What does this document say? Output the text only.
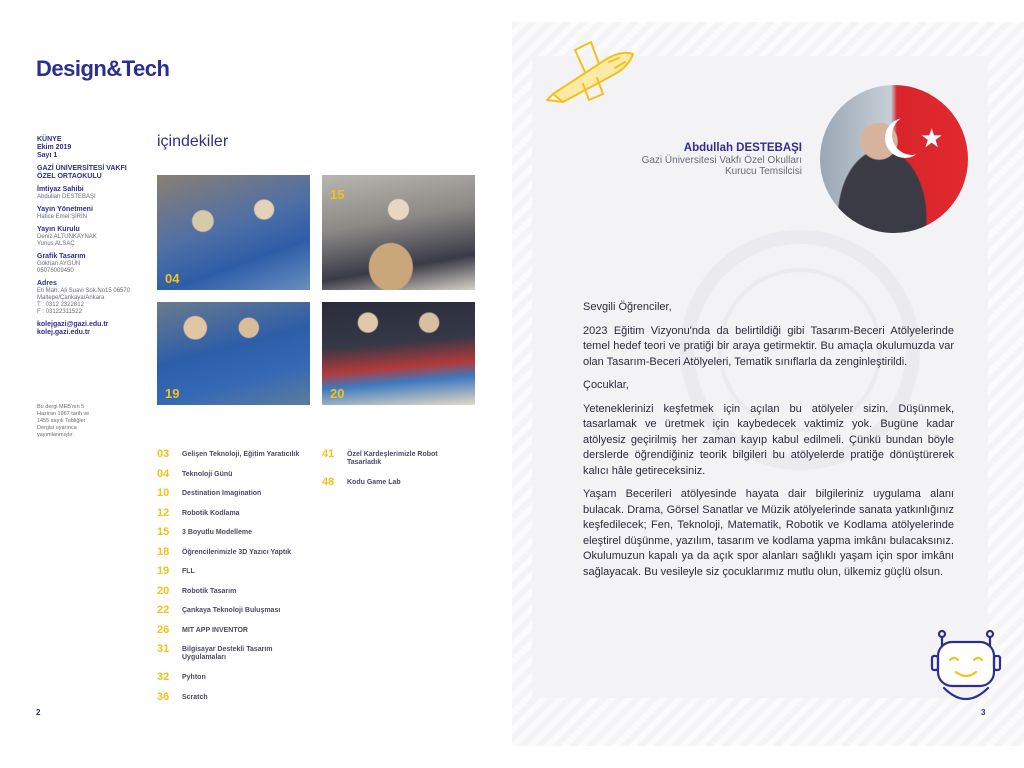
Design&Tech
KÜNYE
Ekim 2019
Sayı 1
GAZİ ÜNİVERSİTESİ VAKFI ÖZEL ORTAOKULU
İmtiyaz Sahibi
Abdullah DESTEBAŞI
Yayın Yönetmeni
Hatice Emel ŞİRİN
Yayın Kurulu
Deniz ALTUNKAYNAK
Yunus ALSAÇ
Grafik Tasarım
Gökhan AYGÜN
05076009450
Adres
Eti Mah. Ali Suavi Sok.No15 06570
Maltepe/Çankaya/Ankara
T : 0312 2322812
F : 03122311522
kolejgazi@gazi.edu.tr
kolej.gazi.edu.tr
Bu dergi MEB'nın 5 Haziran 1967 tarih ve 1455 sayılı Tebliğler Dergisi uyarınca yayımlanmıştır.
içindekiler
04
15
19	20
03	Gelişen Teknoloji, Eğitim Yaratıcılık
04	Teknoloji Günü
10	Destination Imagination
12	Robotik Kodlama
15	3 Boyutlu Modelleme
18	Öğrencilerimizle 3D Yazıcı Yaptık
19	FLL
20	Robotik Tasarım
22	Çankaya Teknoloji Buluşması
26	MIT APP INVENTOR
31	Bilgisayar Destekli Tasarım Uygulamaları
32	Pyhton
36	Scratch
41	Özel Kardeşlerimizle Robot Tasarladık
48	Kodu Game Lab
2	3
Abdullah DESTEBAŞI
Gazi Üniversitesi Vakfı Özel Okulları
Kurucu Temsilcisi
★

Sevgili Öğrenciler,

2023 Eğitim Vizyonu'nda da belirtildiği gibi Tasarım-Beceri Atölyelerinde temel hedef teori ve pratiği bir araya getirmektir. Bu amaçla okulumuzda var olan Tasarım-Beceri Atölyeleri, Tematik sınıflarla da zenginleştirildi.

Çocuklar,

Yeteneklerinizi keşfetmek için açılan bu atölyeler sizin. Düşünmek, tasarlamak ve üretmek için kaybedecek vaktimiz yok. Bugüne kadar atölyesiz geçirilmiş her zaman kayıp kabul edilmeli. Çünkü bundan böyle derslerde öğrendiğiniz teorik bilgileri bu atölyelerde pratiğe dönüştürerek kalıcı hâle getireceksiniz.

Yaşam Becerileri atölyesinde hayata dair bilgileriniz uygulama alanı bulacak. Drama, Görsel Sanatlar ve Müzik atölyelerinde sanata yatkınlığınız keşfedilecek; Fen, Teknoloji, Matematik, Robotik ve Kodlama atölyelerinde eleştirel düşünme, yazılım, tasarım ve kodlama yapma imkânı bulacaksınız. Okulumuzun kapalı ya da açık spor alanları sağlıklı yaşam için spor imkânı sağlayacak. Bu vesileyle siz çocuklarımız mutlu olun, ülkemiz güçlü olsun.
